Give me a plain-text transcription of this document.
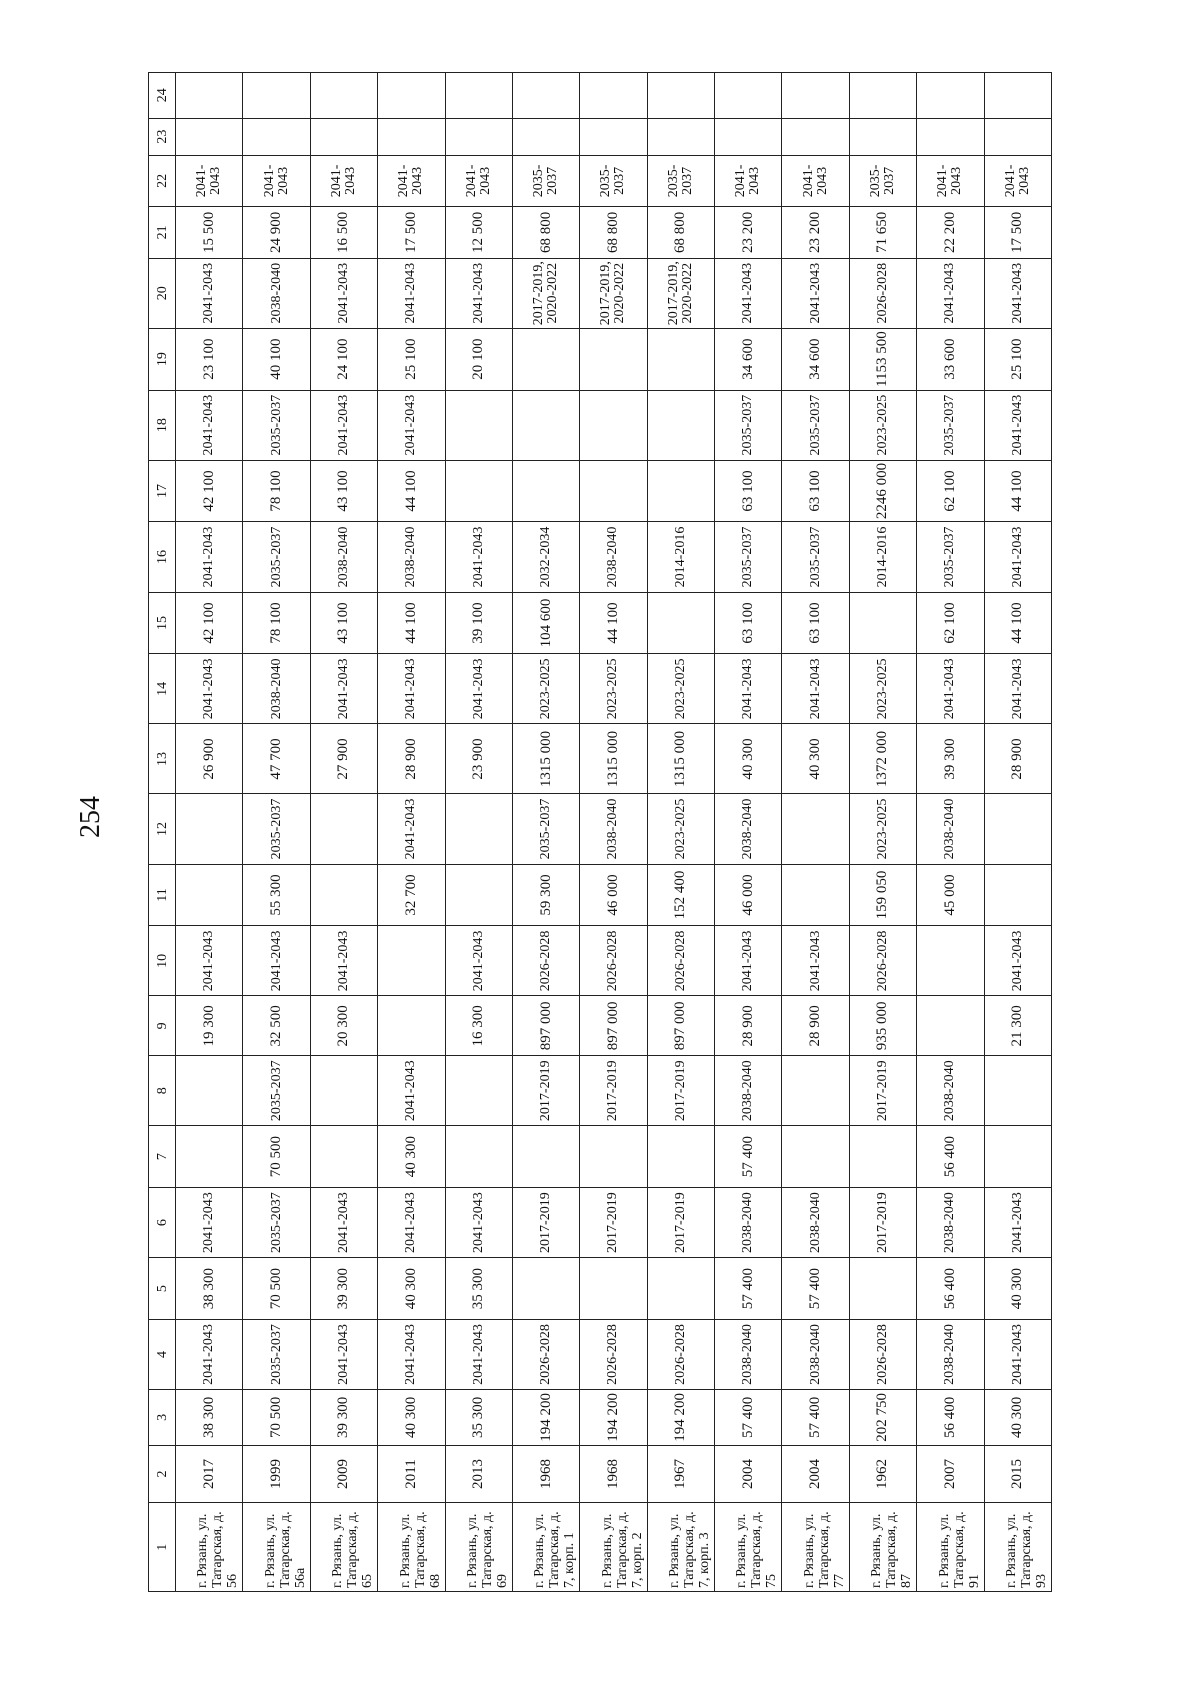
254
1	2	3	4	5	6	7	8	9	10	11	12	13	14	15	16	17	18	19	20	21	22	23	24
г. Рязань, ул. Татарская, д. 56	2017	38 300	2041-2043	38 300	2041-2043			19 300	2041-2043			26 900	2041-2043	42 100	2041-2043	42 100	2041-2043	23 100	2041-2043	15 500	2041-2043		
г. Рязань, ул. Татарская, д. 56а	1999	70 500	2035-2037	70 500	2035-2037	70 500	2035-2037	32 500	2041-2043	55 300	2035-2037	47 700	2038-2040	78 100	2035-2037	78 100	2035-2037	40 100	2038-2040	24 900	2041-2043		
г. Рязань, ул. Татарская, д. 65	2009	39 300	2041-2043	39 300	2041-2043			20 300	2041-2043			27 900	2041-2043	43 100	2038-2040	43 100	2041-2043	24 100	2041-2043	16 500	2041-2043		
г. Рязань, ул. Татарская, д. 68	2011	40 300	2041-2043	40 300	2041-2043	40 300	2041-2043			32 700	2041-2043	28 900	2041-2043	44 100	2038-2040	44 100	2041-2043	25 100	2041-2043	17 500	2041-2043		
г. Рязань, ул. Татарская, д. 69	2013	35 300	2041-2043	35 300	2041-2043			16 300	2041-2043			23 900	2041-2043	39 100	2041-2043			20 100	2041-2043	12 500	2041-2043		
г. Рязань, ул. Татарская, д. 7, корп. 1	1968	194 200	2026-2028		2017-2019		2017-2019	897 000	2026-2028	59 300	2035-2037	1315 000	2023-2025	104 600	2032-2034				2017-2019, 2020-2022	68 800	2035-2037		
г. Рязань, ул. Татарская, д. 7, корп. 2	1968	194 200	2026-2028		2017-2019		2017-2019	897 000	2026-2028	46 000	2038-2040	1315 000	2023-2025	44 100	2038-2040				2017-2019, 2020-2022	68 800	2035-2037		
г. Рязань, ул. Татарская, д. 7, корп. 3	1967	194 200	2026-2028		2017-2019		2017-2019	897 000	2026-2028	152 400	2023-2025	1315 000	2023-2025		2014-2016				2017-2019, 2020-2022	68 800	2035-2037		
г. Рязань, ул. Татарская, д. 75	2004	57 400	2038-2040	57 400	2038-2040	57 400	2038-2040	28 900	2041-2043	46 000	2038-2040	40 300	2041-2043	63 100	2035-2037	63 100	2035-2037	34 600	2041-2043	23 200	2041-2043		
г. Рязань, ул. Татарская, д. 77	2004	57 400	2038-2040	57 400	2038-2040			28 900	2041-2043			40 300	2041-2043	63 100	2035-2037	63 100	2035-2037	34 600	2041-2043	23 200	2041-2043		
г. Рязань, ул. Татарская, д. 87	1962	202 750	2026-2028		2017-2019		2017-2019	935 000	2026-2028	159 050	2023-2025	1372 000	2023-2025		2014-2016	2246 000	2023-2025	1153 500	2026-2028	71 650	2035-2037		
г. Рязань, ул. Татарская, д. 91	2007	56 400	2038-2040	56 400	2038-2040	56 400	2038-2040			45 000	2038-2040	39 300	2041-2043	62 100	2035-2037	62 100	2035-2037	33 600	2041-2043	22 200	2041-2043		
г. Рязань, ул. Татарская, д. 93	2015	40 300	2041-2043	40 300	2041-2043			21 300	2041-2043			28 900	2041-2043	44 100	2041-2043	44 100	2041-2043	25 100	2041-2043	17 500	2041-2043		
